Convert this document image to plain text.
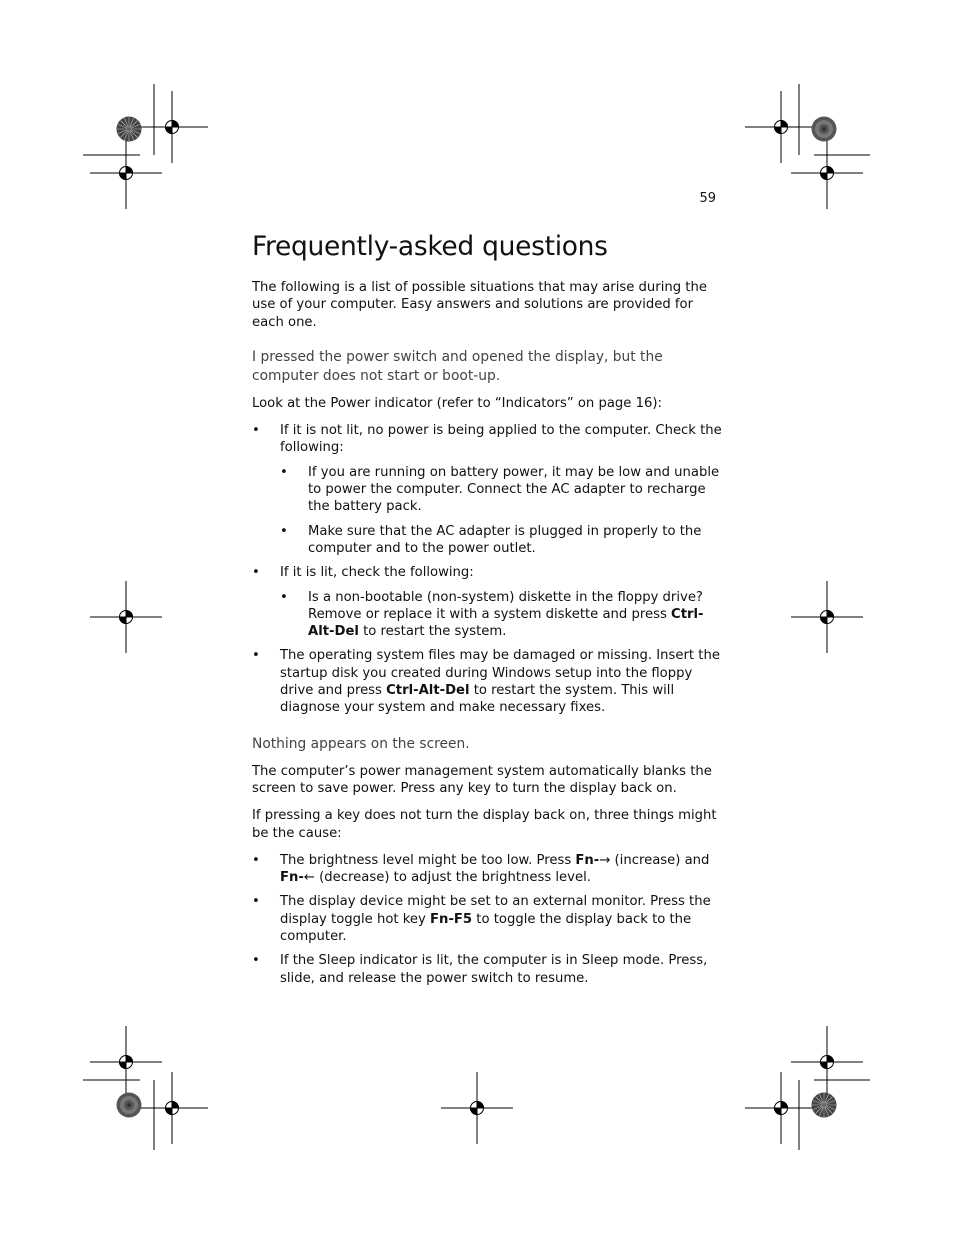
59
Frequently-asked questions

The following is a list of possible situations that may arise during the use of your computer. Easy answers and solutions are provided for each one.

I pressed the power switch and opened the display, but the computer does not start or boot-up.

Look at the Power indicator (refer to “Indicators” on page 16):

• If it is not lit, no power is being applied to the computer. Check the following:
• If you are running on battery power, it may be low and unable to power the computer. Connect the AC adapter to recharge the battery pack.
• Make sure that the AC adapter is plugged in properly to the computer and to the power outlet.
• If it is lit, check the following:
• Is a non-bootable (non-system) diskette in the floppy drive? Remove or replace it with a system diskette and press Ctrl-Alt-Del to restart the system.
• The operating system files may be damaged or missing. Insert the startup disk you created during Windows setup into the floppy drive and press Ctrl-Alt-Del to restart the system. This will diagnose your system and make necessary fixes.
Nothing appears on the screen.

The computer’s power management system automatically blanks the screen to save power. Press any key to turn the display back on.

If pressing a key does not turn the display back on, three things might be the cause:

• The brightness level might be too low. Press Fn-→ (increase) and Fn-← (decrease) to adjust the brightness level.
• The display device might be set to an external monitor. Press the display toggle hot key Fn-F5 to toggle the display back to the computer.
• If the Sleep indicator is lit, the computer is in Sleep mode. Press, slide, and release the power switch to resume.
